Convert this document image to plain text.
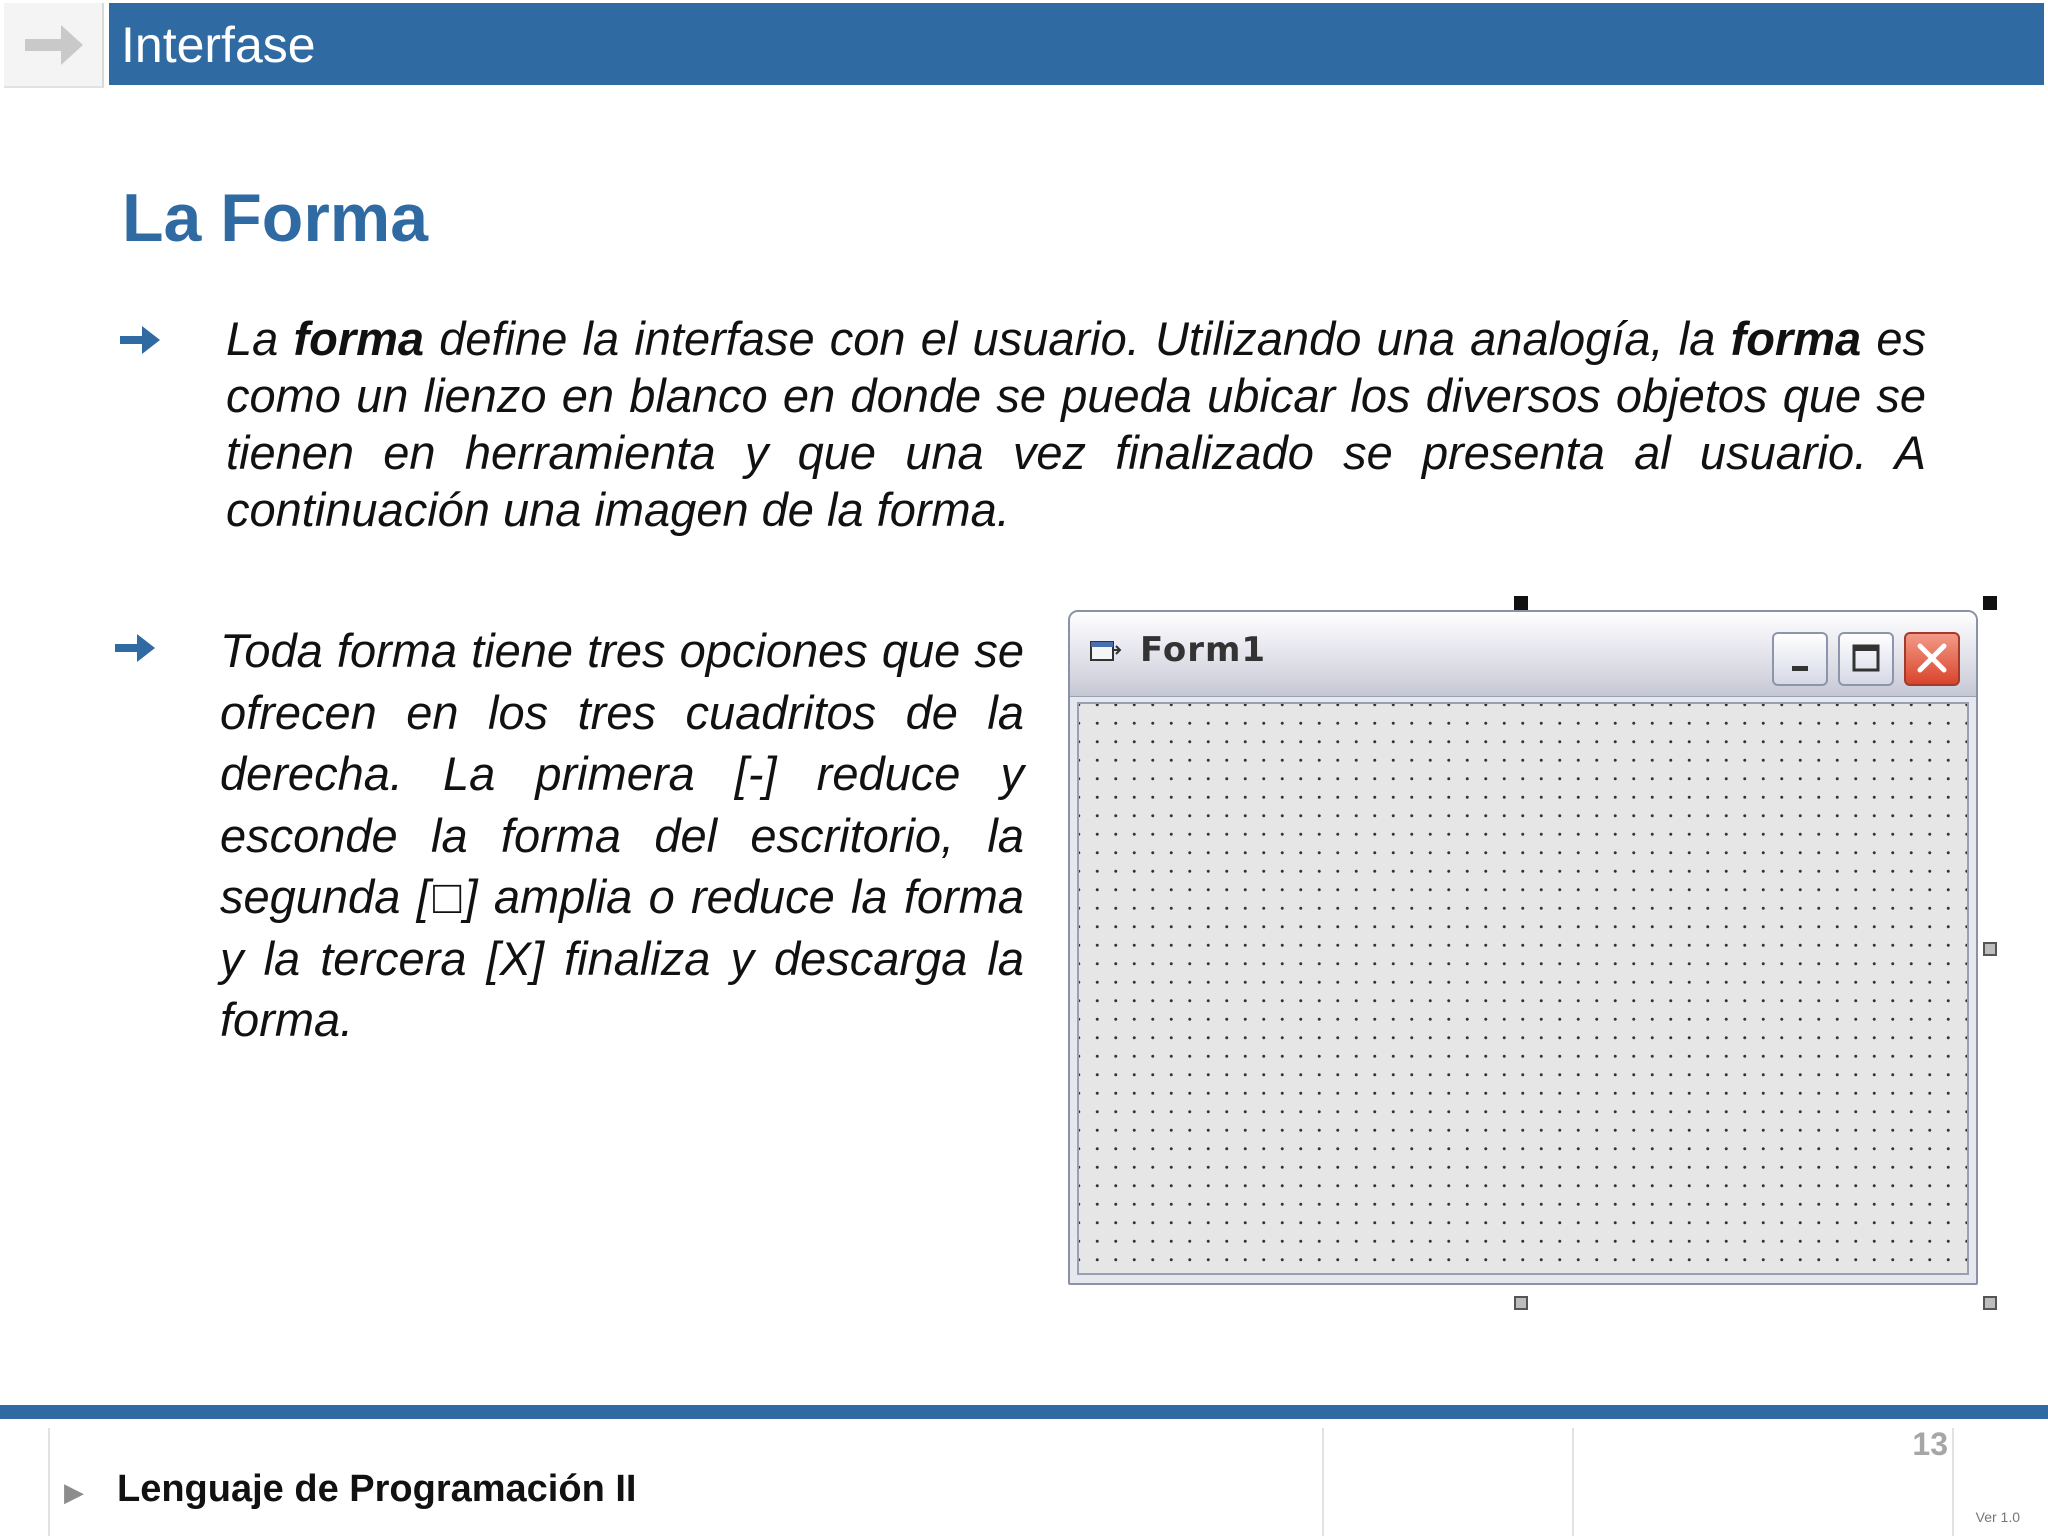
Interfase
La Forma

La forma define la interfase con el usuario. Utilizando una analogía, la forma es como un lienzo en blanco en donde se pueda ubicar los diversos objetos que se tienen en herramienta y que una vez finalizado se presenta al usuario. A continuación una imagen de la forma.

Toda forma tiene tres opciones que se ofrecen en los tres cuadritos de la derecha. La primera [-] reduce y esconde la forma del escritorio, la segunda [□] amplia o reduce la forma y la tercera [X] finaliza y descarga la forma.

Form1
▶ Lenguaje de Programación II

13
Ver 1.0
